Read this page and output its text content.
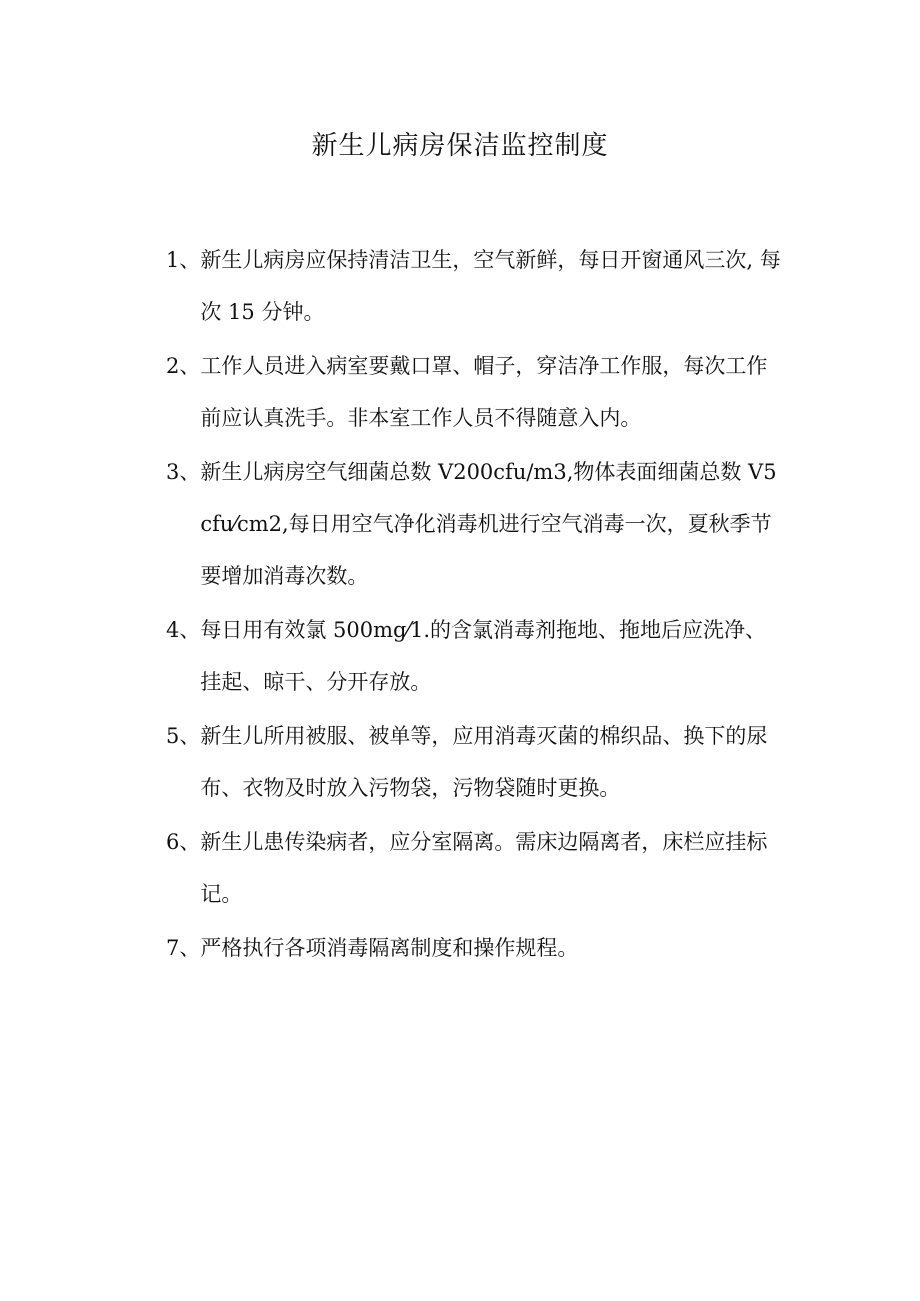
新生儿病房保洁监控制度
1、 新生儿病房应保持清洁卫生，空气新鲜，每日开窗通风三次, 每次 15 分钟。
2、 工作人员进入病室要戴口罩、帽子，穿洁净工作服，每次工作前应认真洗手。非本室工作人员不得随意入内。
3、 新生儿病房空气细菌总数 V200cfu/m3,物体表面细菌总数 V5cfu⁄cm2,每日用空气净化消毒机进行空气消毒一次，夏秋季节要增加消毒次数。
4、 每日用有效氯 500mg⁄1.的含氯消毒剂拖地、拖地后应洗净、挂起、晾干、分开存放。
5、 新生儿所用被服、被单等，应用消毒灭菌的棉织品、换下的尿布、衣物及时放入污物袋，污物袋随时更换。
6、 新生儿患传染病者，应分室隔离。需床边隔离者，床栏应挂标记。
7、 严格执行各项消毒隔离制度和操作规程。
